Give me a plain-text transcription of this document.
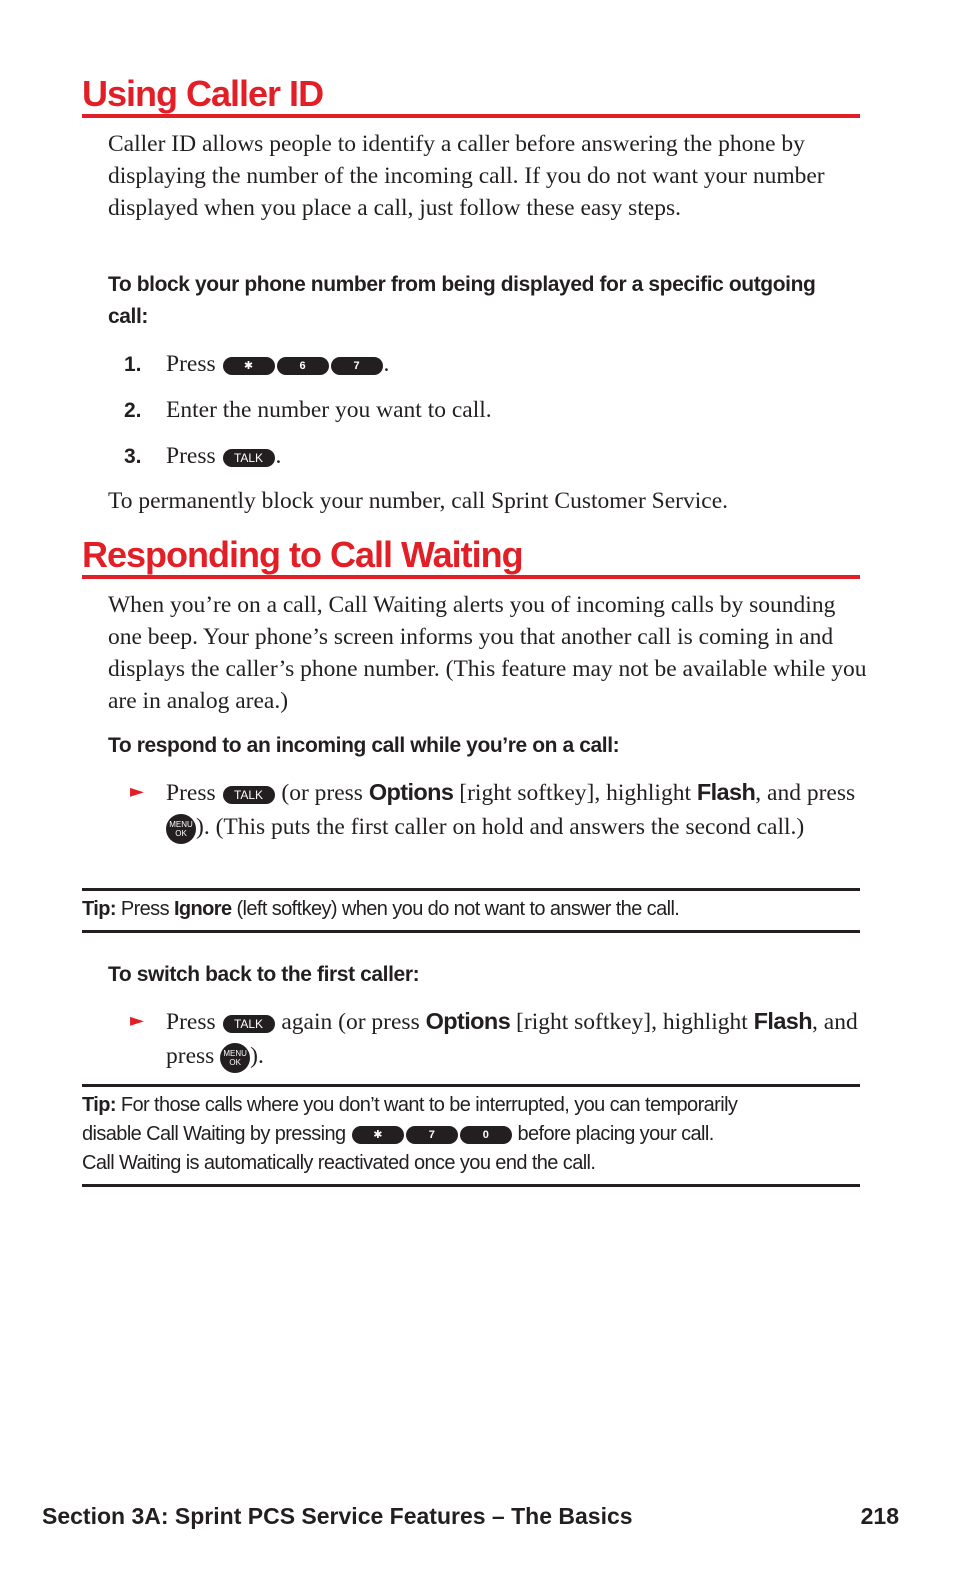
Using Caller ID
Caller ID allows people to identify a caller before answering the phone by displaying the number of the incoming call. If you do not want your number displayed when you place a call, just follow these easy steps.
To block your phone number from being displayed for a specific outgoing call:
1. Press	✱	6	7 .
2. Enter the number you want to call.
3. Press TALK .
To permanently block your number, call Sprint Customer Service.
Responding to Call Waiting
When you’re on a call, Call Waiting alerts you of incoming calls by sounding one beep. Your phone’s screen informs you that another call is coming in and displays the caller’s phone number. (This feature may not be available while you are in analog area.)
To respond to an incoming call while you’re on a call:
► Press TALK (or press Options [right softkey], highlight Flash, and press MENU
OK ). (This puts the first caller on hold and answers the second call.)
Tip: Press Ignore (left softkey) when you do not want to answer the call.
To switch back to the first caller:
► Press TALK again (or press Options [right softkey], highlight Flash, and press MENU
OK ).
Tip: For those calls where you don’t want to be interrupted, you can temporarily
disable Call Waiting by pressing	✱	7	0 before placing your call.
Call Waiting is automatically reactivated once you end the call.
Section 3A: Sprint PCS Service Features – The Basics	218
